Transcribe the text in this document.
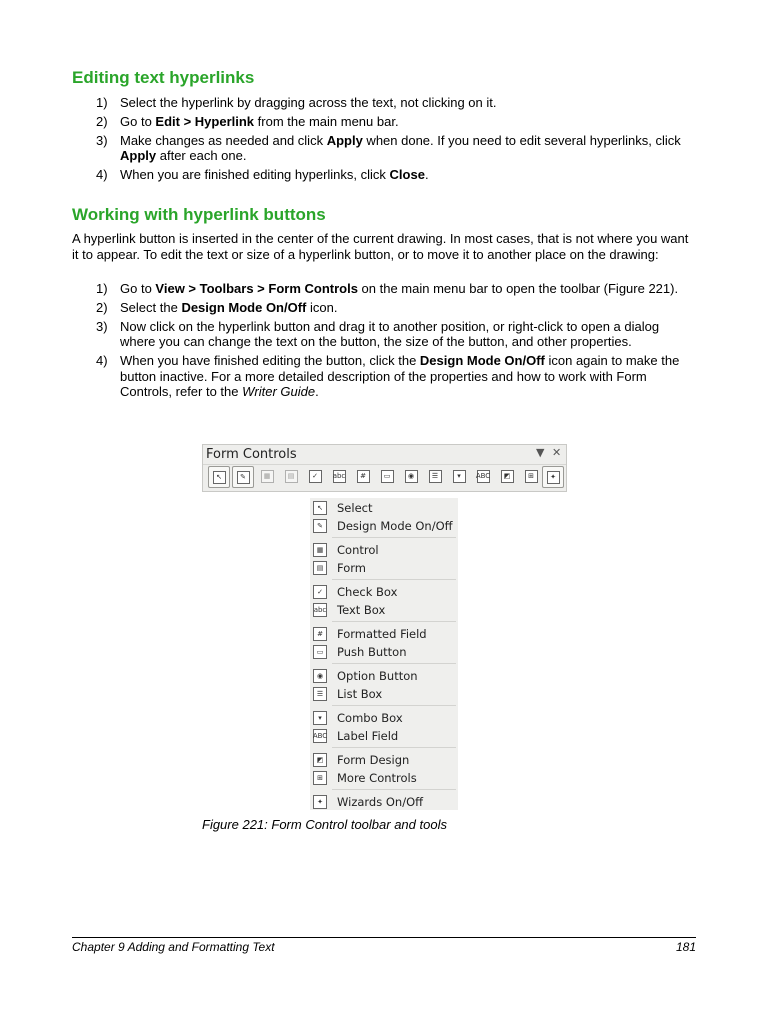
Editing text hyperlinks
1) Select the hyperlink by dragging across the text, not clicking on it.
2) Go to Edit > Hyperlink from the main menu bar.
3) Make changes as needed and click Apply when done. If you need to edit several hyperlinks, click Apply after each one.
4) When you are finished editing hyperlinks, click Close.
Working with hyperlink buttons
A hyperlink button is inserted in the center of the current drawing. In most cases, that is not where you want it to appear. To edit the text or size of a hyperlink button, or to move it to another place on the drawing:
1) Go to View > Toolbars > Form Controls on the main menu bar to open the toolbar (Figure 221).
2) Select the Design Mode On/Off icon.
3) Now click on the hyperlink button and drag it to another position, or right-click to open a dialog where you can change the text on the button, the size of the button, and other properties.
4) When you have finished editing the button, click the Design Mode On/Off icon again to make the button inactive. For a more detailed description of the properties and how to work with Form Controls, refer to the Writer Guide.
Form Controls	▼ ✕
↖	✎	▦	▤	✓	abc	#	▭	◉	☰	▾	ABC	◩	⊞	✦
↖	Select
✎	Design Mode On/Off
▦	Control
▤	Form
✓	Check Box
abc Text Box
#	Formatted Field
▭	Push Button
◉	Option Button
☰	List Box
▾	Combo Box
ABC Label Field
◩	Form Design
⊞	More Controls
✦	Wizards On/Off
Figure 221: Form Control toolbar and tools
Chapter 9 Adding and Formatting Text	181
